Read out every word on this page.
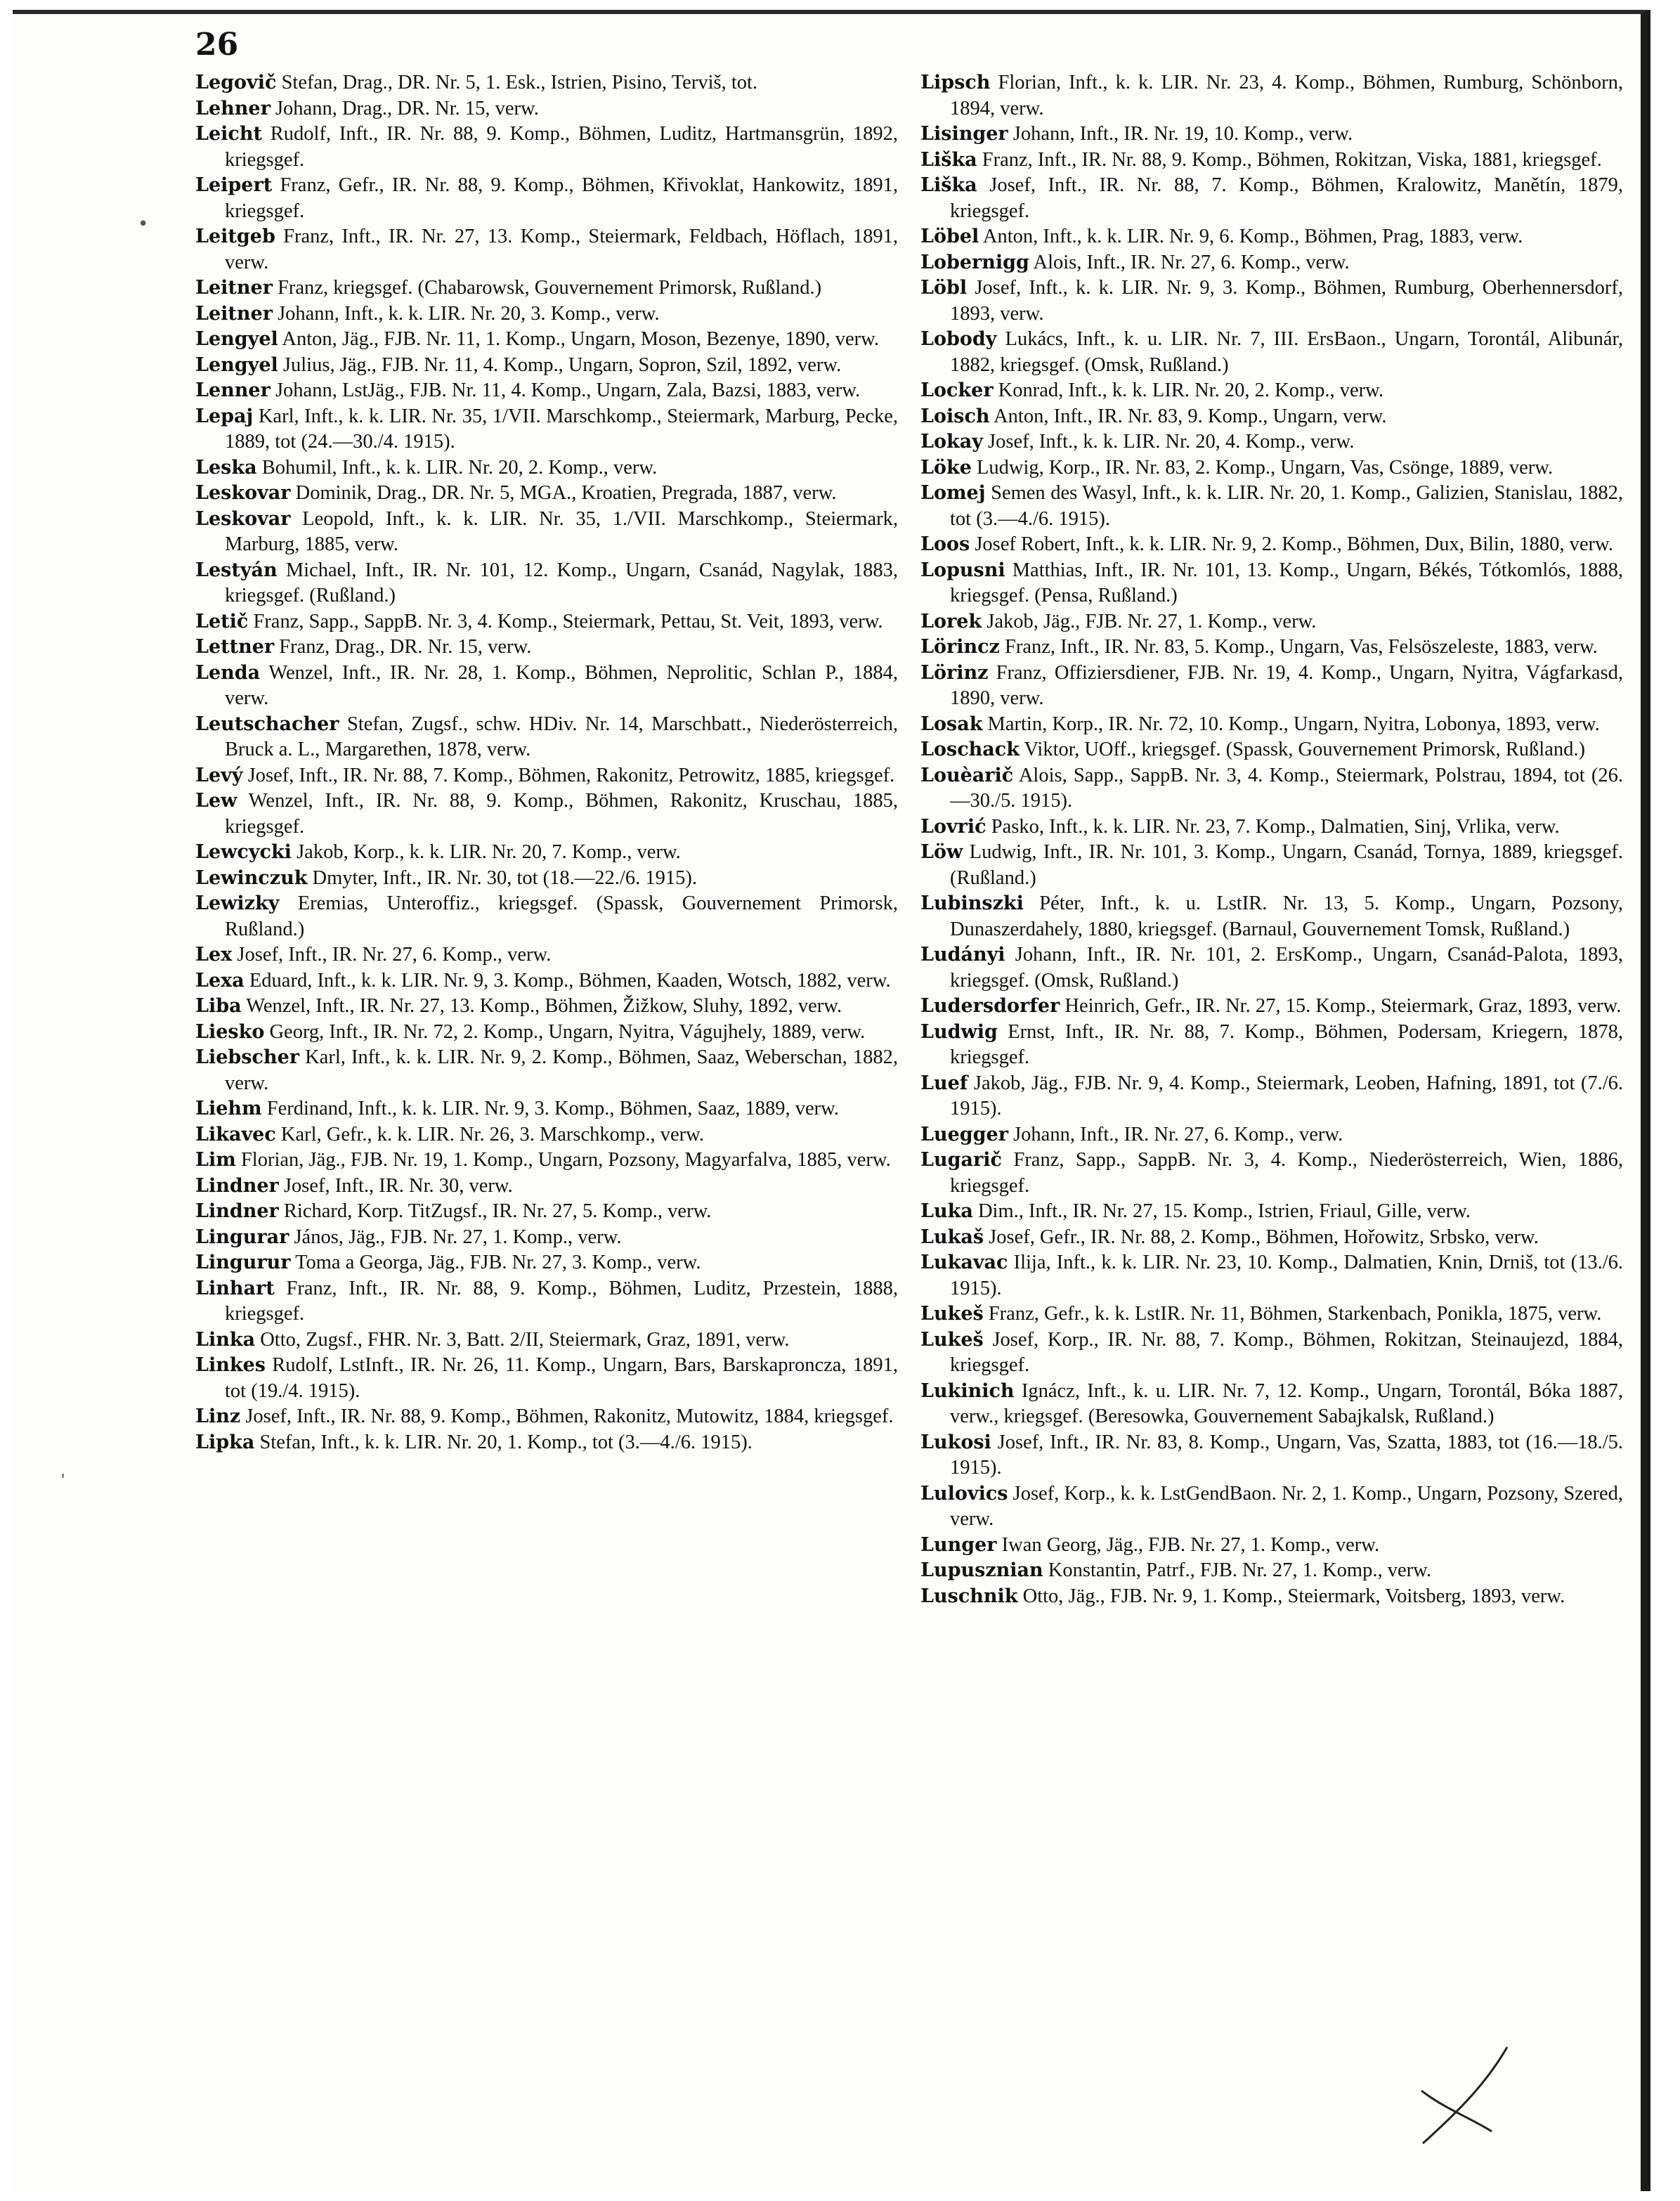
26

Legovič Stefan, Drag., DR. Nr. 5, 1. Esk., Istrien, Pisino, Terviš, tot.

Lehner Johann, Drag., DR. Nr. 15, verw.

Leicht Rudolf, Inft., IR. Nr. 88, 9. Komp., Böhmen, Luditz, Hartmansgrün, 1892, kriegsgef.

Leipert Franz, Gefr., IR. Nr. 88, 9. Komp., Böhmen, Křivoklat, Hankowitz, 1891, kriegsgef.

Leitgeb Franz, Inft., IR. Nr. 27, 13. Komp., Steiermark, Feldbach, Höflach, 1891, verw.

Leitner Franz, kriegsgef. (Chabarowsk, Gouvernement Primorsk, Rußland.)

Leitner Johann, Inft., k. k. LIR. Nr. 20, 3. Komp., verw.

Lengyel Anton, Jäg., FJB. Nr. 11, 1. Komp., Ungarn, Moson, Bezenye, 1890, verw.

Lengyel Julius, Jäg., FJB. Nr. 11, 4. Komp., Ungarn, Sopron, Szil, 1892, verw.

Lenner Johann, LstJäg., FJB. Nr. 11, 4. Komp., Ungarn, Zala, Bazsi, 1883, verw.

Lepaj Karl, Inft., k. k. LIR. Nr. 35, 1/VII. Marschkomp., Steiermark, Marburg, Pecke, 1889, tot (24.—30./4. 1915).

Leska Bohumil, Inft., k. k. LIR. Nr. 20, 2. Komp., verw.

Leskovar Dominik, Drag., DR. Nr. 5, MGA., Kroatien, Pregrada, 1887, verw.

Leskovar Leopold, Inft., k. k. LIR. Nr. 35, 1./VII. Marschkomp., Steiermark, Marburg, 1885, verw.

Lestyán Michael, Inft., IR. Nr. 101, 12. Komp., Ungarn, Csanád, Nagylak, 1883, kriegsgef. (Rußland.)

Letič Franz, Sapp., SappB. Nr. 3, 4. Komp., Steiermark, Pettau, St. Veit, 1893, verw.

Lettner Franz, Drag., DR. Nr. 15, verw.

Lenda Wenzel, Inft., IR. Nr. 28, 1. Komp., Böhmen, Neprolitic, Schlan P., 1884, verw.

Leutschacher Stefan, Zugsf., schw. HDiv. Nr. 14, Marschbatt., Niederösterreich, Bruck a. L., Margarethen, 1878, verw.

Levý Josef, Inft., IR. Nr. 88, 7. Komp., Böhmen, Rakonitz, Petrowitz, 1885, kriegsgef.

Lew Wenzel, Inft., IR. Nr. 88, 9. Komp., Böhmen, Rakonitz, Kruschau, 1885, kriegsgef.

Lewcycki Jakob, Korp., k. k. LIR. Nr. 20, 7. Komp., verw.

Lewinczuk Dmyter, Inft., IR. Nr. 30, tot (18.—22./6. 1915).

Lewizky Eremias, Unteroffiz., kriegsgef. (Spassk, Gouvernement Primorsk, Rußland.)

Lex Josef, Inft., IR. Nr. 27, 6. Komp., verw.

Lexa Eduard, Inft., k. k. LIR. Nr. 9, 3. Komp., Böhmen, Kaaden, Wotsch, 1882, verw.

Liba Wenzel, Inft., IR. Nr. 27, 13. Komp., Böhmen, Žižkow, Sluhy, 1892, verw.

Liesko Georg, Inft., IR. Nr. 72, 2. Komp., Ungarn, Nyitra, Vágujhely, 1889, verw.

Liebscher Karl, Inft., k. k. LIR. Nr. 9, 2. Komp., Böhmen, Saaz, Weberschan, 1882, verw.

Liehm Ferdinand, Inft., k. k. LIR. Nr. 9, 3. Komp., Böhmen, Saaz, 1889, verw.

Likavec Karl, Gefr., k. k. LIR. Nr. 26, 3. Marschkomp., verw.

Lim Florian, Jäg., FJB. Nr. 19, 1. Komp., Ungarn, Pozsony, Magyarfalva, 1885, verw.

Lindner Josef, Inft., IR. Nr. 30, verw.

Lindner Richard, Korp. TitZugsf., IR. Nr. 27, 5. Komp., verw.

Lingurar János, Jäg., FJB. Nr. 27, 1. Komp., verw.

Lingurur Toma a Georga, Jäg., FJB. Nr. 27, 3. Komp., verw.

Linhart Franz, Inft., IR. Nr. 88, 9. Komp., Böhmen, Luditz, Przestein, 1888, kriegsgef.

Linka Otto, Zugsf., FHR. Nr. 3, Batt. 2/II, Steiermark, Graz, 1891, verw.

Linkes Rudolf, LstInft., IR. Nr. 26, 11. Komp., Ungarn, Bars, Barskaproncza, 1891, tot (19./4. 1915).

Linz Josef, Inft., IR. Nr. 88, 9. Komp., Böhmen, Rakonitz, Mutowitz, 1884, kriegsgef.

Lipka Stefan, Inft., k. k. LIR. Nr. 20, 1. Komp., tot (3.—4./6. 1915).

Lipsch Florian, Inft., k. k. LIR. Nr. 23, 4. Komp., Böhmen, Rumburg, Schönborn, 1894, verw.

Lisinger Johann, Inft., IR. Nr. 19, 10. Komp., verw.

Liška Franz, Inft., IR. Nr. 88, 9. Komp., Böhmen, Rokitzan, Viska, 1881, kriegsgef.

Liška Josef, Inft., IR. Nr. 88, 7. Komp., Böhmen, Kralowitz, Manětín, 1879, kriegsgef.

Löbel Anton, Inft., k. k. LIR. Nr. 9, 6. Komp., Böhmen, Prag, 1883, verw.

Lobernigg Alois, Inft., IR. Nr. 27, 6. Komp., verw.

Löbl Josef, Inft., k. k. LIR. Nr. 9, 3. Komp., Böhmen, Rumburg, Oberhennersdorf, 1893, verw.

Lobody Lukács, Inft., k. u. LIR. Nr. 7, III. ErsBaon., Ungarn, Torontál, Alibunár, 1882, kriegsgef. (Omsk, Rußland.)

Locker Konrad, Inft., k. k. LIR. Nr. 20, 2. Komp., verw.

Loisch Anton, Inft., IR. Nr. 83, 9. Komp., Ungarn, verw.

Lokay Josef, Inft., k. k. LIR. Nr. 20, 4. Komp., verw.

Löke Ludwig, Korp., IR. Nr. 83, 2. Komp., Ungarn, Vas, Csönge, 1889, verw.

Lomej Semen des Wasyl, Inft., k. k. LIR. Nr. 20, 1. Komp., Galizien, Stanislau, 1882, tot (3.—4./6. 1915).

Loos Josef Robert, Inft., k. k. LIR. Nr. 9, 2. Komp., Böhmen, Dux, Bilin, 1880, verw.

Lopusni Matthias, Inft., IR. Nr. 101, 13. Komp., Ungarn, Békés, Tótkomlós, 1888, kriegsgef. (Pensa, Rußland.)

Lorek Jakob, Jäg., FJB. Nr. 27, 1. Komp., verw.

Lörincz Franz, Inft., IR. Nr. 83, 5. Komp., Ungarn, Vas, Felsöszeleste, 1883, verw.

Lörinz Franz, Offiziersdiener, FJB. Nr. 19, 4. Komp., Ungarn, Nyitra, Vágfarkasd, 1890, verw.

Losak Martin, Korp., IR. Nr. 72, 10. Komp., Ungarn, Nyitra, Lobonya, 1893, verw.

Loschack Viktor, UOff., kriegsgef. (Spassk, Gouvernement Primorsk, Rußland.)

Louèarič Alois, Sapp., SappB. Nr. 3, 4. Komp., Steiermark, Polstrau, 1894, tot (26.—30./5. 1915).

Lovrić Pasko, Inft., k. k. LIR. Nr. 23, 7. Komp., Dalmatien, Sinj, Vrlika, verw.

Löw Ludwig, Inft., IR. Nr. 101, 3. Komp., Ungarn, Csanád, Tornya, 1889, kriegsgef. (Rußland.)

Lubinszki Péter, Inft., k. u. LstIR. Nr. 13, 5. Komp., Ungarn, Pozsony, Dunaszerdahely, 1880, kriegsgef. (Barnaul, Gouvernement Tomsk, Rußland.)

Ludányi Johann, Inft., IR. Nr. 101, 2. ErsKomp., Ungarn, Csanád-Palota, 1893, kriegsgef. (Omsk, Rußland.)

Ludersdorfer Heinrich, Gefr., IR. Nr. 27, 15. Komp., Steiermark, Graz, 1893, verw.

Ludwig Ernst, Inft., IR. Nr. 88, 7. Komp., Böhmen, Podersam, Kriegern, 1878, kriegsgef.

Luef Jakob, Jäg., FJB. Nr. 9, 4. Komp., Steiermark, Leoben, Hafning, 1891, tot (7./6. 1915).

Luegger Johann, Inft., IR. Nr. 27, 6. Komp., verw.

Lugarič Franz, Sapp., SappB. Nr. 3, 4. Komp., Niederösterreich, Wien, 1886, kriegsgef.

Luka Dim., Inft., IR. Nr. 27, 15. Komp., Istrien, Friaul, Gille, verw.

Lukaš Josef, Gefr., IR. Nr. 88, 2. Komp., Böhmen, Hořowitz, Srbsko, verw.

Lukavac Ilija, Inft., k. k. LIR. Nr. 23, 10. Komp., Dalmatien, Knin, Drniš, tot (13./6. 1915).

Lukeš Franz, Gefr., k. k. LstIR. Nr. 11, Böhmen, Starkenbach, Ponikla, 1875, verw.

Lukeš Josef, Korp., IR. Nr. 88, 7. Komp., Böhmen, Rokitzan, Steinaujezd, 1884, kriegsgef.

Lukinich Ignácz, Inft., k. u. LIR. Nr. 7, 12. Komp., Ungarn, Torontál, Bóka 1887, verw., kriegsgef. (Beresowka, Gouvernement Sabajkalsk, Rußland.)

Lukosi Josef, Inft., IR. Nr. 83, 8. Komp., Ungarn, Vas, Szatta, 1883, tot (16.—18./5. 1915).

Lulovics Josef, Korp., k. k. LstGendBaon. Nr. 2, 1. Komp., Ungarn, Pozsony, Szered, verw.

Lunger Iwan Georg, Jäg., FJB. Nr. 27, 1. Komp., verw.

Lupusznian Konstantin, Patrf., FJB. Nr. 27, 1. Komp., verw.

Luschnik Otto, Jäg., FJB. Nr. 9, 1. Komp., Steiermark, Voitsberg, 1893, verw.

•
ˈ
